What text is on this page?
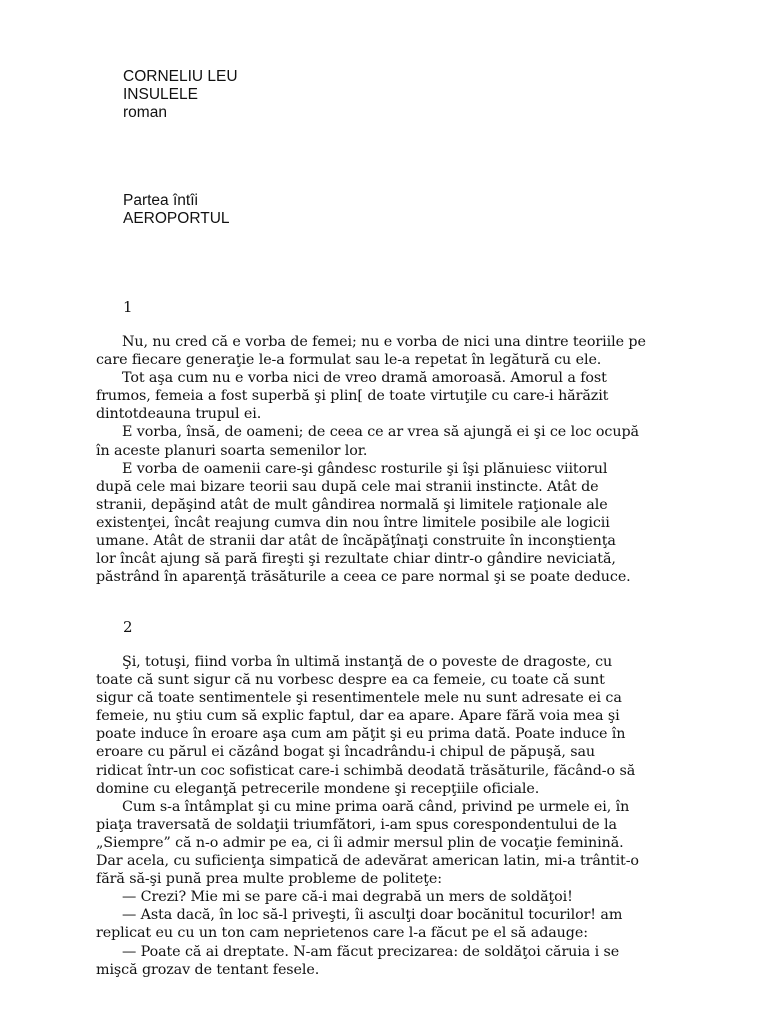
CORNELIU LEU
INSULELE
roman
Partea întîi
AEROPORTUL
1
Nu, nu cred că e vorba de femei; nu e vorba de nici una dintre teoriile pe
care fiecare generaţie le-a formulat sau le-a repetat în legătură cu ele.
Tot aşa cum nu e vorba nici de vreo dramă amoroasă. Amorul a fost
frumos, femeia a fost superbă şi plin[ de toate virtuţile cu care-i hărăzit
dintotdeauna trupul ei.
E vorba, însă, de oameni; de ceea ce ar vrea să ajungă ei şi ce loc ocupă
în aceste planuri soarta semenilor lor.
E vorba de oamenii care-şi gândesc rosturile şi îşi plănuiesc viitorul
după cele mai bizare teorii sau după cele mai stranii instincte. Atât de
stranii, depăşind atât de mult gândirea normală şi limitele raţionale ale
existenţei, încât reajung cumva din nou între limitele posibile ale logicii
umane. Atât de stranii dar atât de încăpăţînaţi construite în inconştienţa
lor încât ajung să pară fireşti şi rezultate chiar dintr-o gândire neviciată,
păstrând în aparenţă trăsăturile a ceea ce pare normal şi se poate deduce.
2
Şi, totuşi, fiind vorba în ultimă instanţă de o poveste de dragoste, cu
toate că sunt sigur că nu vorbesc despre ea ca femeie, cu toate că sunt
sigur că toate sentimentele şi resentimentele mele nu sunt adresate ei ca
femeie, nu ştiu cum să explic faptul, dar ea apare. Apare fără voia mea şi
poate induce în eroare aşa cum am păţit şi eu prima dată. Poate induce în
eroare cu părul ei căzând bogat şi încadrându-i chipul de păpuşă, sau
ridicat într-un coc sofisticat care-i schimbă deodată trăsăturile, făcând-o să
domine cu eleganţă petrecerile mondene şi recepţiile oficiale.
Cum s-a întâmplat şi cu mine prima oară când, privind pe urmele ei, în
piaţa traversată de soldaţii triumfători, i-am spus corespondentului de la
„Siempre” că n-o admir pe ea, ci îi admir mersul plin de vocaţie feminină.
Dar acela, cu suficienţa simpatică de adevărat american latin, mi-a trântit-o
fără să-şi pună prea multe probleme de politeţe:
— Crezi? Mie mi se pare că-i mai degrabă un mers de soldăţoi!
— Asta dacă, în loc să-l priveşti, îi asculţi doar bocănitul tocurilor! am
replicat eu cu un ton cam neprietenos care l-a făcut pe el să adauge:
— Poate că ai dreptate. N-am făcut precizarea: de soldăţoi căruia i se
mişcă grozav de tentant fesele.
